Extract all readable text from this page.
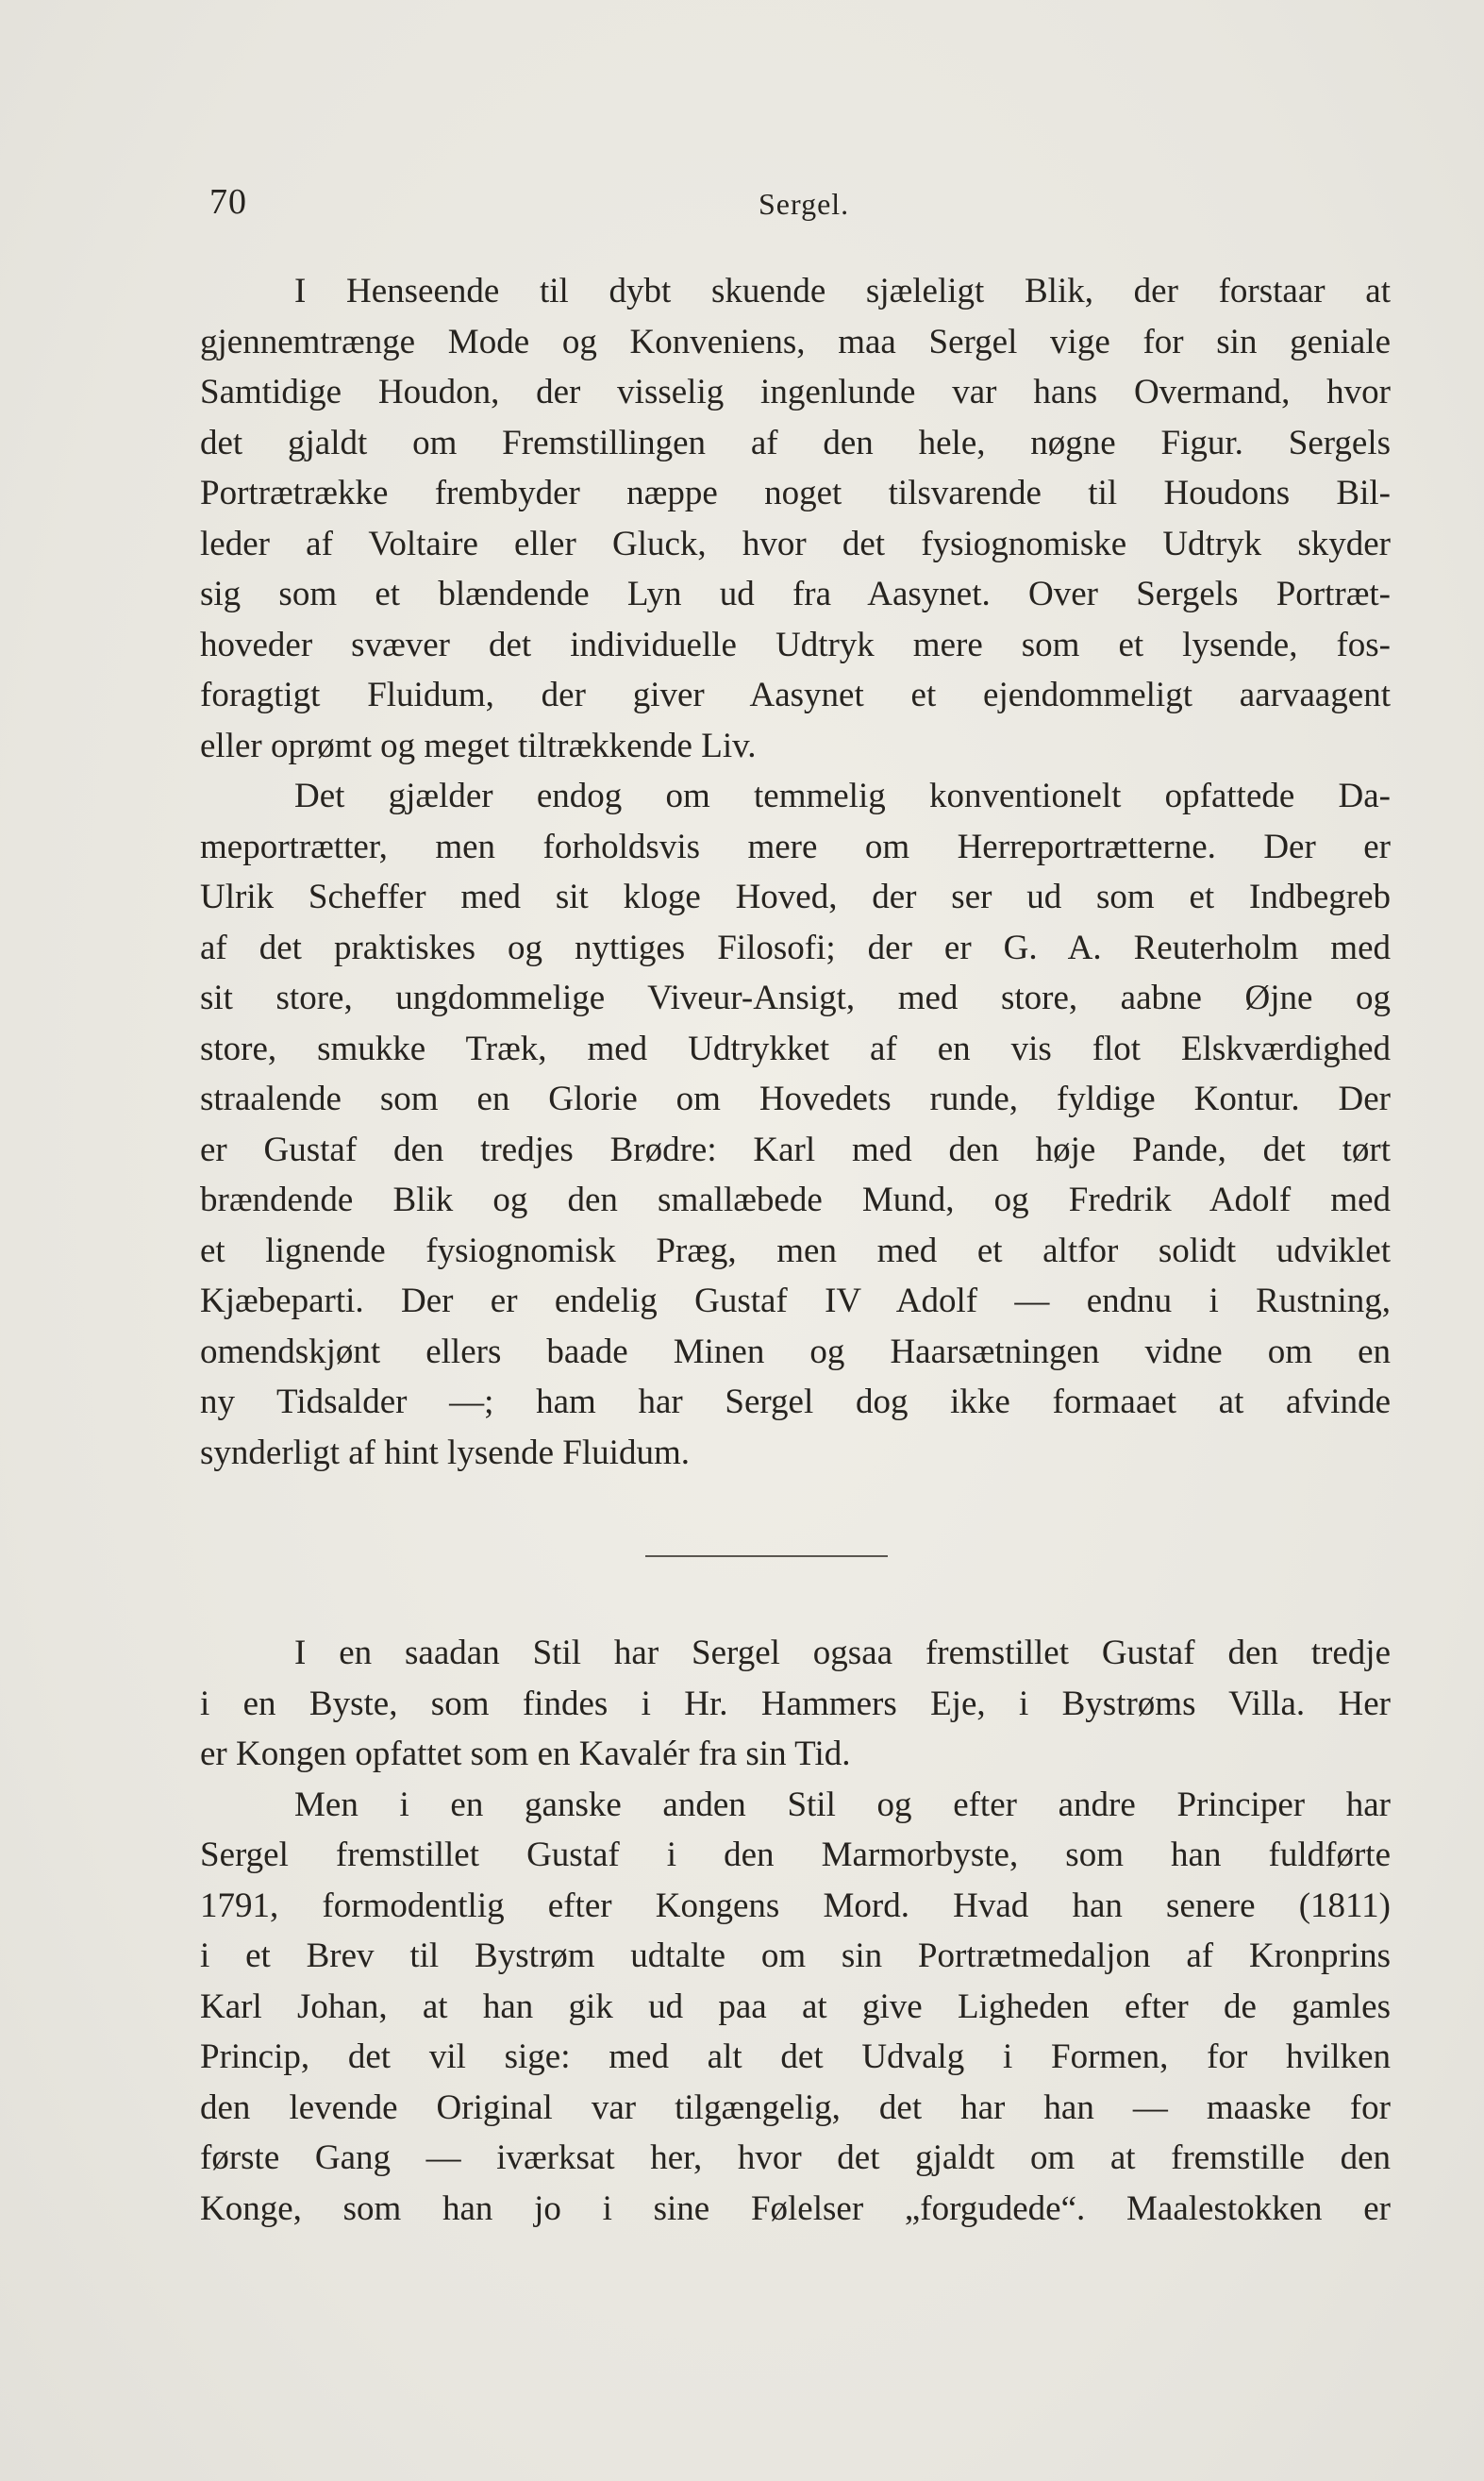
70	Sergel.
I Henseende til dybt skuende sjæleligt Blik, der forstaar at
gjennemtrænge Mode og Konveniens, maa Sergel vige for sin geniale
Samtidige Houdon, der visselig ingenlunde var hans Overmand, hvor
det gjaldt om Fremstillingen af den hele, nøgne Figur. Sergels
Portrætrække frembyder næppe noget tilsvarende til Houdons Bil-
leder af Voltaire eller Gluck, hvor det fysiognomiske Udtryk skyder
sig som et blændende Lyn ud fra Aasynet. Over Sergels Portræt-
hoveder svæver det individuelle Udtryk mere som et lysende, fos-
foragtigt Fluidum, der giver Aasynet et ejendommeligt aarvaagent
eller oprømt og meget tiltrækkende Liv.
Det gjælder endog om temmelig konventionelt opfattede Da-
meportrætter, men forholdsvis mere om Herreportrætterne. Der er
Ulrik Scheffer med sit kloge Hoved, der ser ud som et Indbegreb
af det praktiskes og nyttiges Filosofi; der er G. A. Reuterholm med
sit store, ungdommelige Viveur-Ansigt, med store, aabne Øjne og
store, smukke Træk, med Udtrykket af en vis flot Elskværdighed
straalende som en Glorie om Hovedets runde, fyldige Kontur. Der
er Gustaf den tredjes Brødre: Karl med den høje Pande, det tørt
brændende Blik og den smallæbede Mund, og Fredrik Adolf med
et lignende fysiognomisk Præg, men med et altfor solidt udviklet
Kjæbeparti. Der er endelig Gustaf IV Adolf — endnu i Rustning,
omendskjønt ellers baade Minen og Haarsætningen vidne om en
ny Tidsalder —; ham har Sergel dog ikke formaaet at afvinde
synderligt af hint lysende Fluidum.
I en saadan Stil har Sergel ogsaa fremstillet Gustaf den tredje
i en Byste, som findes i Hr. Hammers Eje, i Bystrøms Villa. Her
er Kongen opfattet som en Kavalér fra sin Tid.
Men i en ganske anden Stil og efter andre Principer har
Sergel fremstillet Gustaf i den Marmorbyste, som han fuldførte
1791, formodentlig efter Kongens Mord. Hvad han senere (1811)
i et Brev til Bystrøm udtalte om sin Portrætmedaljon af Kronprins
Karl Johan, at han gik ud paa at give Ligheden efter de gamles
Princip, det vil sige: med alt det Udvalg i Formen, for hvilken
den levende Original var tilgængelig, det har han — maaske for
første Gang — iværksat her, hvor det gjaldt om at fremstille den
Konge, som han jo i sine Følelser „forgudede“. Maalestokken er
